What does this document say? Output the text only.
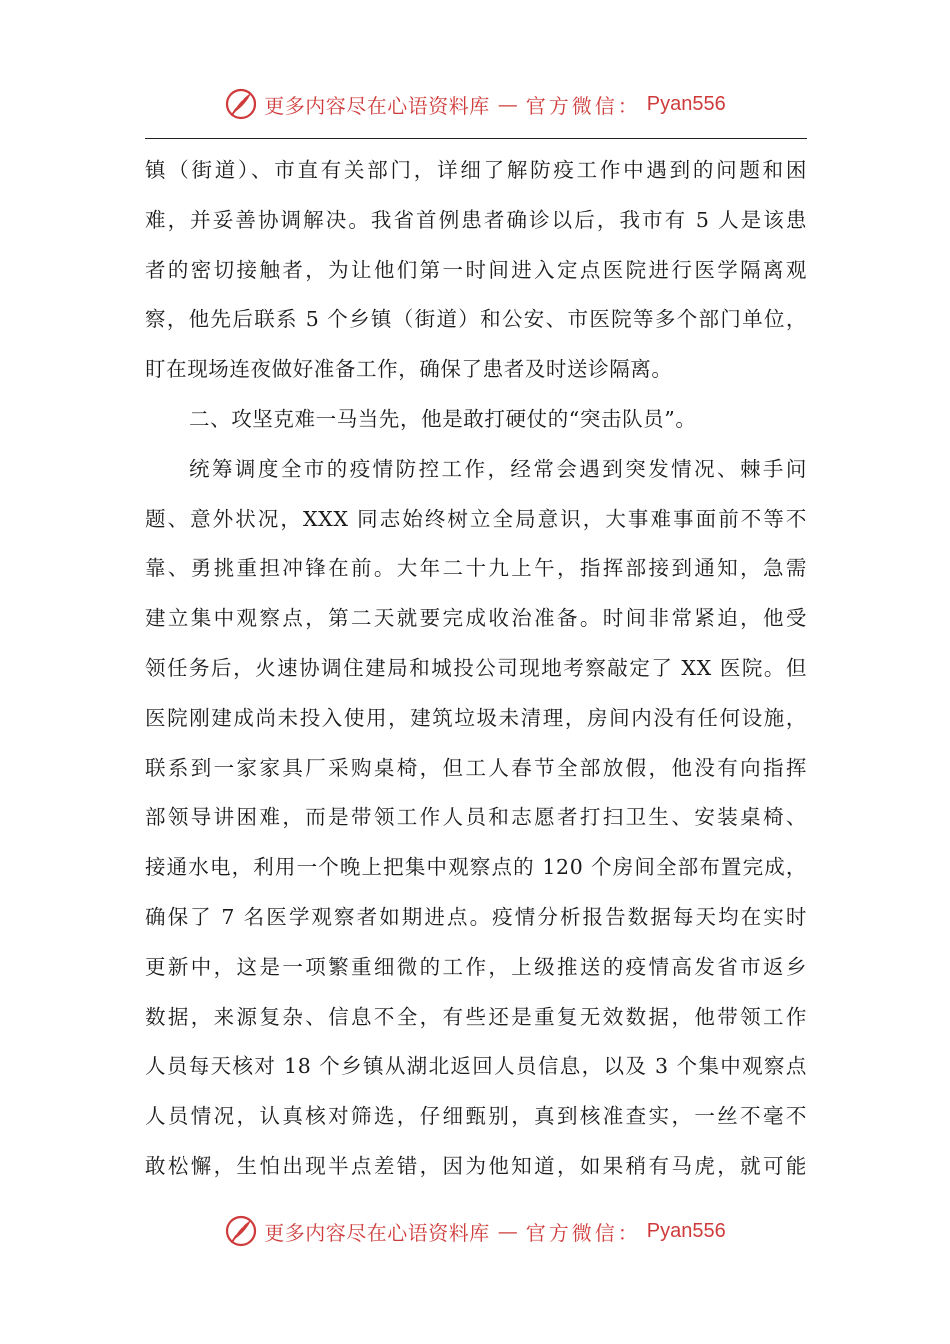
更多内容尽在心语资料库 — 官方微信： Pyan556

镇（街道）、市直有关部门，详细了解防疫工作中遇到的问题和困

难，并妥善协调解决。我省首例患者确诊以后，我市有 5 人是该患

者的密切接触者，为让他们第一时间进入定点医院进行医学隔离观

察，他先后联系 5 个乡镇（街道）和公安、市医院等多个部门单位，

盯在现场连夜做好准备工作，确保了患者及时送诊隔离。

二、攻坚克难一马当先，他是敢打硬仗的“突击队员”。

统筹调度全市的疫情防控工作，经常会遇到突发情况、棘手问

题、意外状况，XXX 同志始终树立全局意识，大事难事面前不等不

靠、勇挑重担冲锋在前。大年二十九上午，指挥部接到通知，急需

建立集中观察点，第二天就要完成收治准备。时间非常紧迫，他受

领任务后，火速协调住建局和城投公司现地考察敲定了 XX 医院。但

医院刚建成尚未投入使用，建筑垃圾未清理，房间内没有任何设施，

联系到一家家具厂采购桌椅，但工人春节全部放假，他没有向指挥

部领导讲困难，而是带领工作人员和志愿者打扫卫生、安装桌椅、

接通水电，利用一个晚上把集中观察点的 120 个房间全部布置完成，

确保了 7 名医学观察者如期进点。疫情分析报告数据每天均在实时

更新中，这是一项繁重细微的工作，上级推送的疫情高发省市返乡

数据，来源复杂、信息不全，有些还是重复无效数据，他带领工作

人员每天核对 18 个乡镇从湖北返回人员信息，以及 3 个集中观察点

人员情况，认真核对筛选，仔细甄别，真到核准查实，一丝不毫不

敢松懈，生怕出现半点差错，因为他知道，如果稍有马虎，就可能

更多内容尽在心语资料库 — 官方微信： Pyan556
